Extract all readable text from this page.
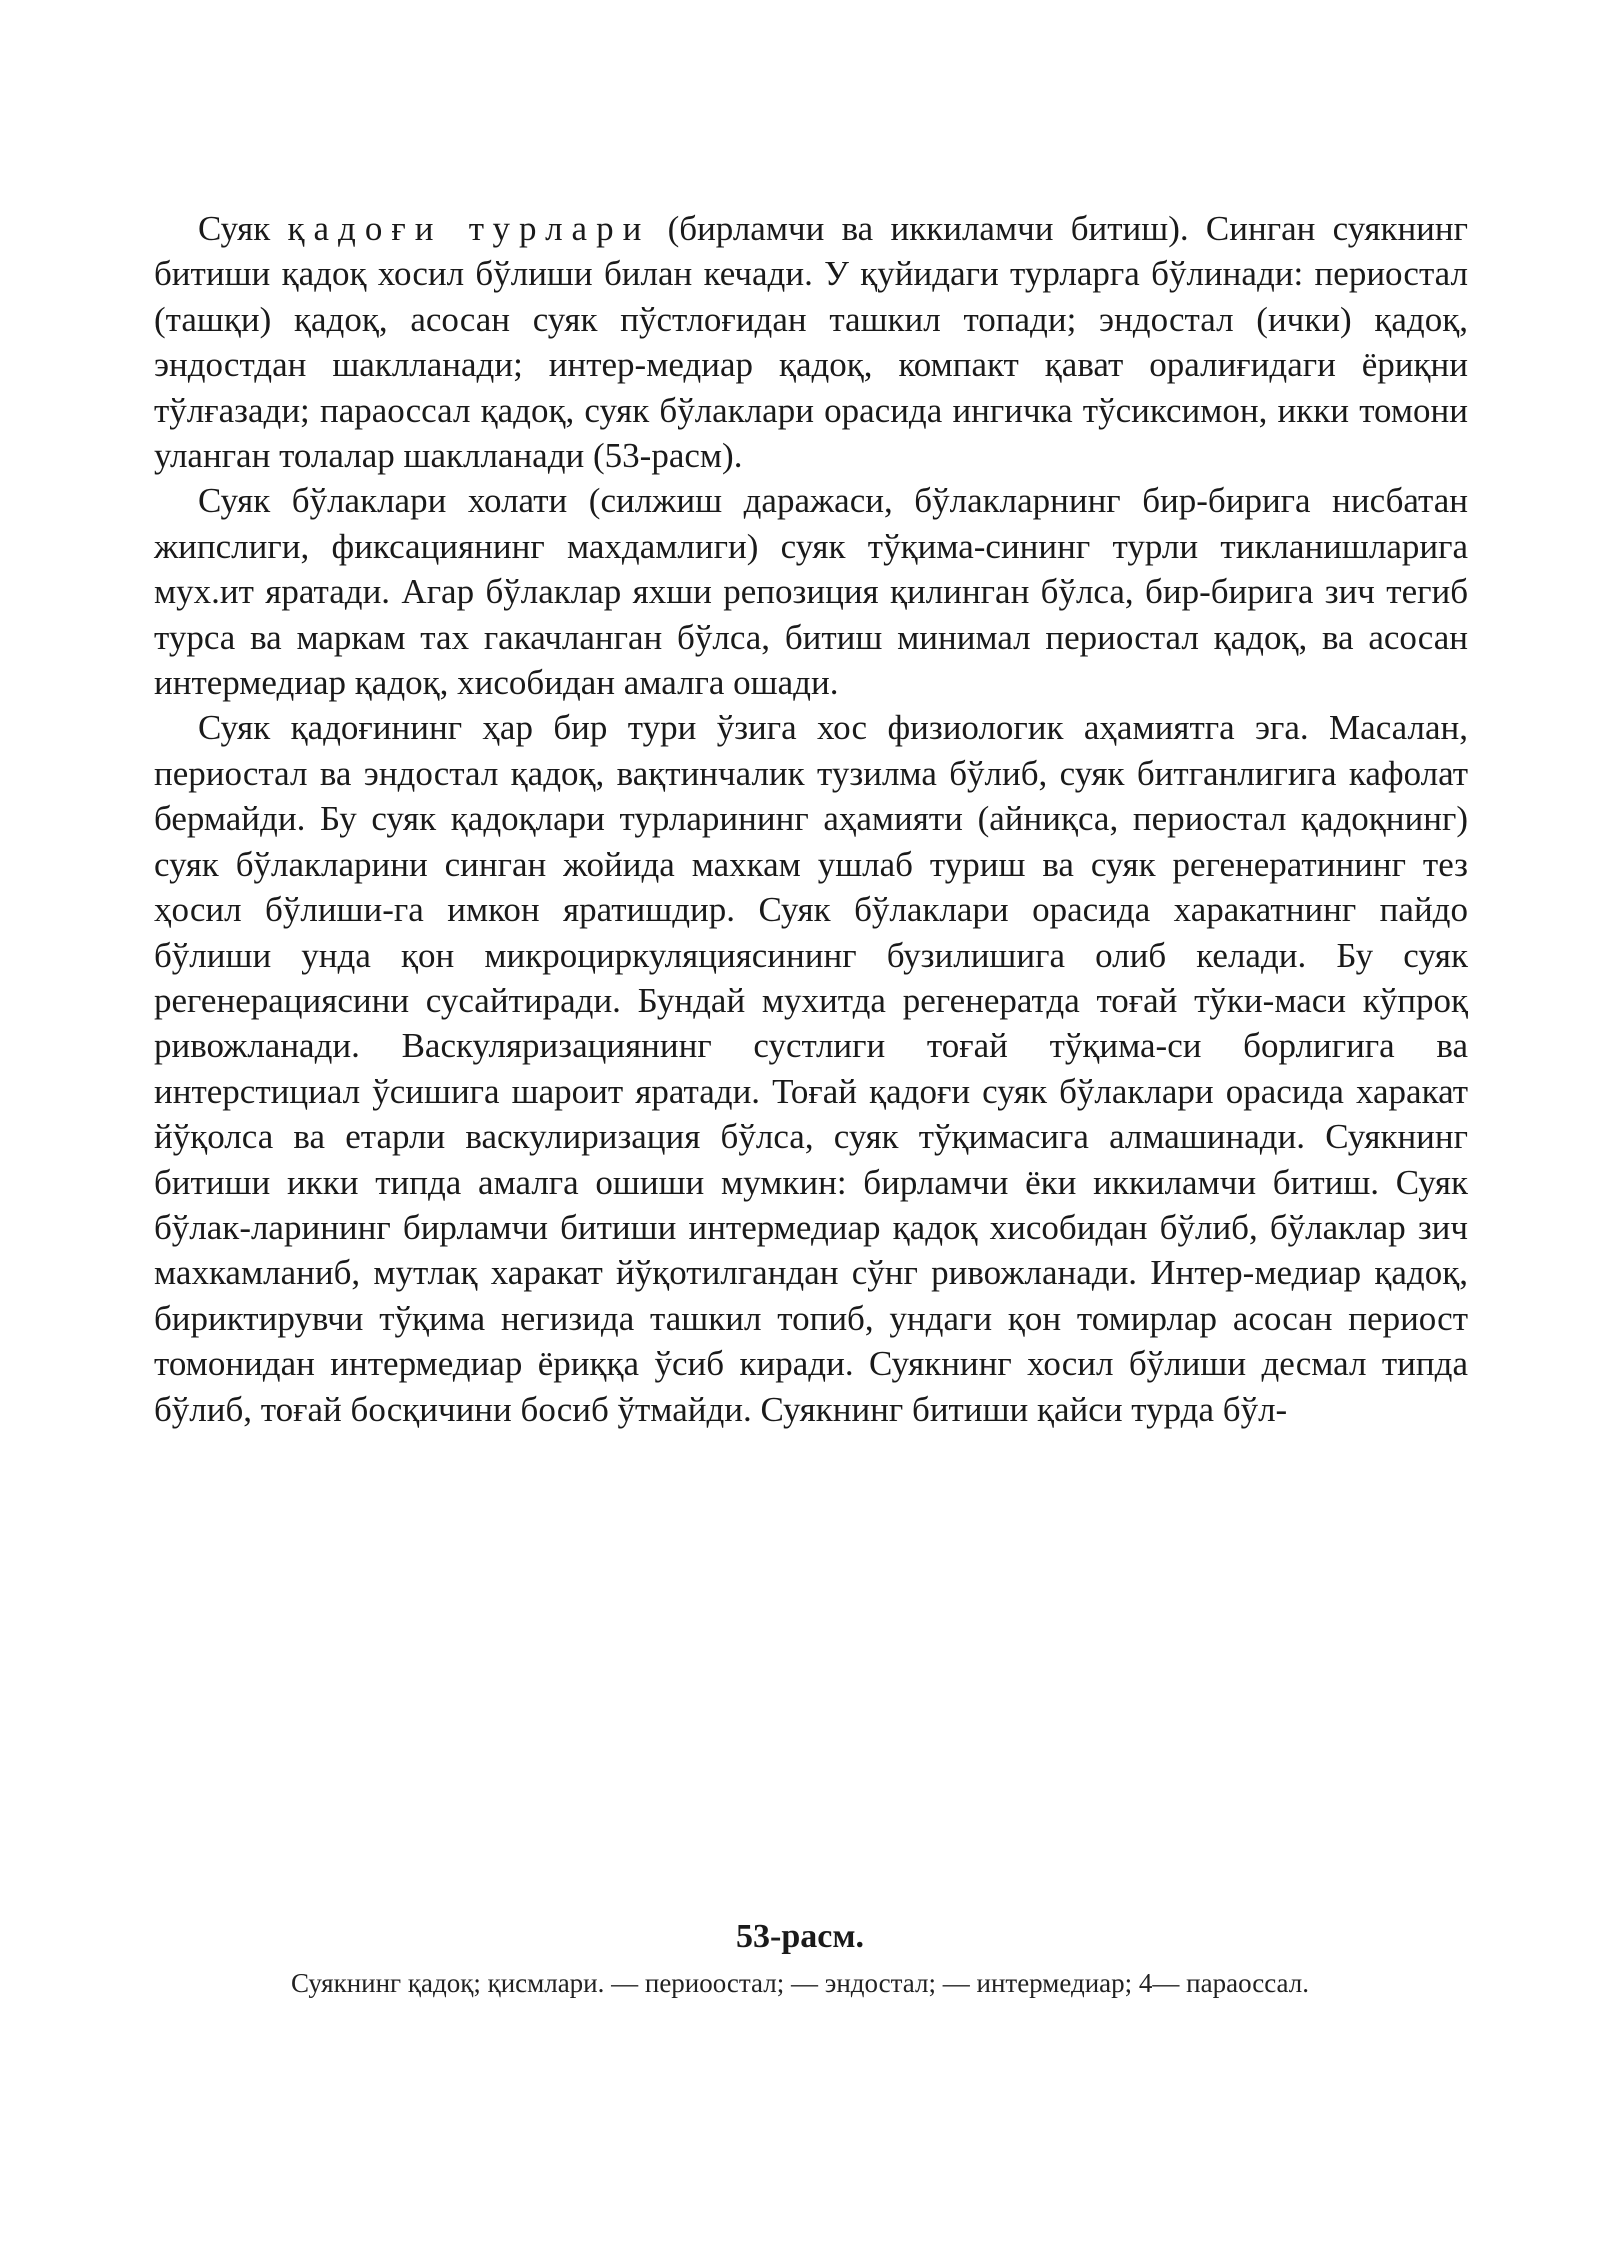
Суяк қадоғи турлари (бирламчи ва иккиламчи битиш). Синган суякнинг битиши қадоқ хосил бўлиши билан кечади. У қуйидаги турларга бўлинади: периостал (ташқи) қадоқ, асосан суяк пўстлоғидан ташкил топади; эндостал (ички) қадоқ, эндостдан шаклланади; интер-медиар қадоқ, компакт қават оралиғидаги ёриқни тўлғазади; параоссал қадоқ, суяк бўлаклари орасида ингичка тўсиксимон, икки томони уланган толалар шаклланади (53-расм).

Суяк бўлаклари холати (силжиш даражаси, бўлакларнинг бир-бирига нисбатан жипслиги, фиксациянинг махдамлиги) суяк тўқима-сининг турли тикланишларига мух.ит яратади. Агар бўлаклар яхши репозиция қилинган бўлса, бир-бирига зич тегиб турса ва маркам тах гакачланган бўлса, битиш минимал периостал қадоқ, ва асосан интермедиар қадоқ, хисобидан амалга ошади.

Суяк қадоғининг ҳар бир тури ўзига хос физиологик аҳамиятга эга. Масалан, периостал ва эндостал қадоқ, вақтинчалик тузилма бўлиб, суяк битганлигига кафолат бермайди. Бу суяк қадоқлари турларининг аҳамияти (айниқса, периостал қадоқнинг) суяк бўлакларини синган жойида махкам ушлаб туриш ва суяк регенератининг тез ҳосил бўлиши-га имкон яратишдир. Суяк бўлаклари орасида харакатнинг пайдо бўлиши унда қон микроциркуляциясининг бузилишига олиб келади. Бу суяк регенерациясини сусайтиради. Бундай мухитда регенератда тоғай тўки-маси кўпроқ ривожланади. Васкуляризациянинг сустлиги тоғай тўқима-си борлигига ва интерстициал ўсишига шароит яратади. Тоғай қадоғи суяк бўлаклари орасида харакат йўқолса ва етарли васкулиризация бўлса, суяк тўқимасига алмашинади. Суякнинг битиши икки типда амалга ошиши мумкин: бирламчи ёки иккиламчи битиш. Суяк бўлак-ларининг бирламчи битиши интермедиар қадоқ хисобидан бўлиб, бўлаклар зич махкамланиб, мутлақ харакат йўқотилгандан сўнг ривожланади. Интер-медиар қадоқ, бириктирувчи тўқима негизида ташкил топиб, ундаги қон томирлар асосан периост томонидан интермедиар ёриққа ўсиб киради. Суякнинг хосил бўлиши десмал типда бўлиб, тоғай босқичини босиб ўтмайди. Суякнинг битиши қайси турда бўл-

53-расм.

Суякнинг қадоқ; қисмлари. — периоостал; — эндостал; — интермедиар; 4— параоссал.
